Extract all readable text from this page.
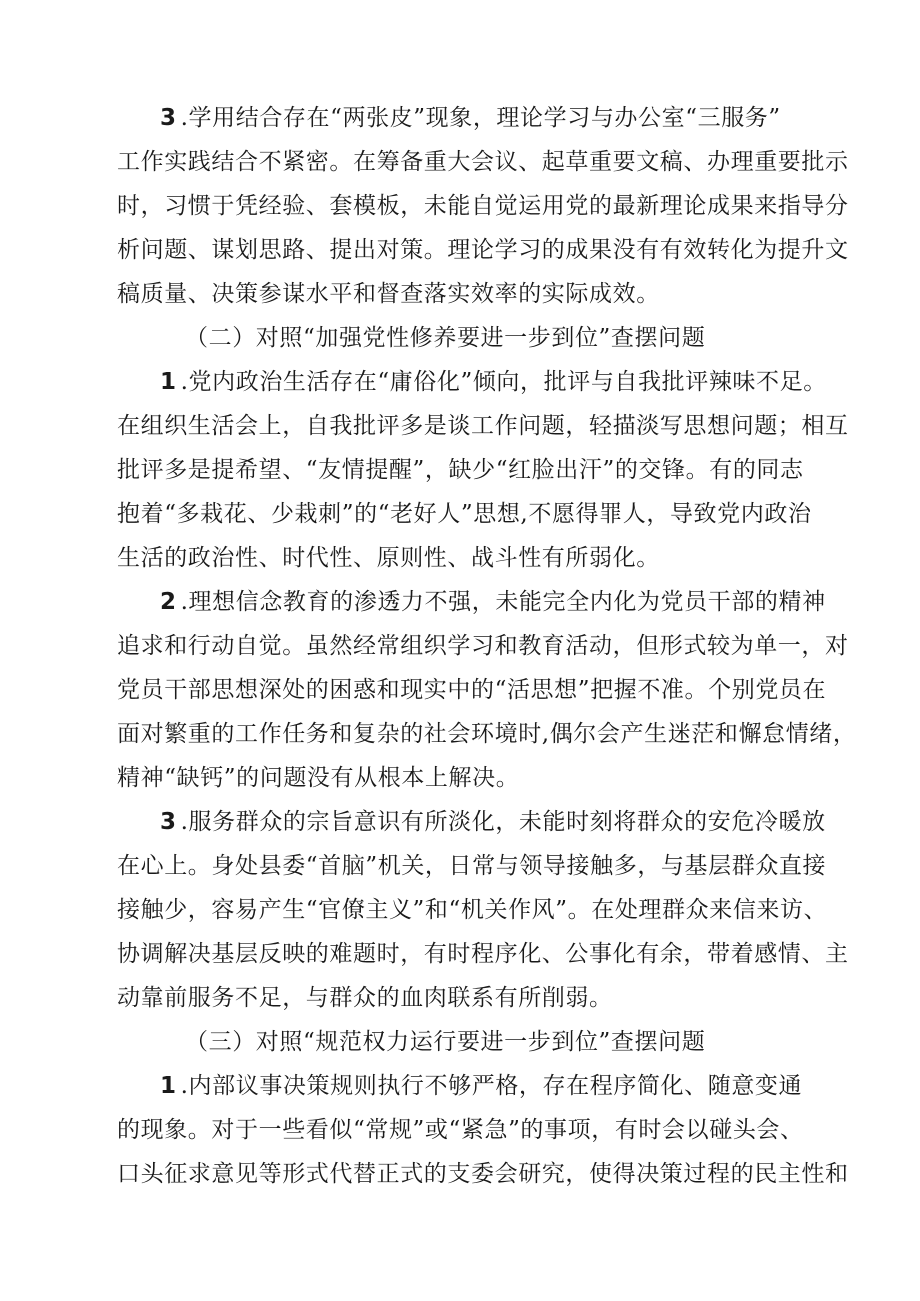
3 .学用结合存在“两张皮”现象，理论学习与办公室“三服务”
工作实践结合不紧密。在筹备重大会议、起草重要文稿、办理重要批示
时，习惯于凭经验、套模板，未能自觉运用党的最新理论成果来指导分
析问题、谋划思路、提出对策。理论学习的成果没有有效转化为提升文
稿质量、决策参谋水平和督查落实效率的实际成效。
（二）对照“加强党性修养要进一步到位”查摆问题
1 .党内政治生活存在“庸俗化”倾向，批评与自我批评辣味不足。
在组织生活会上，自我批评多是谈工作问题，轻描淡写思想问题；相互
批评多是提希望、“友情提醒”，缺少“红脸出汗”的交锋。有的同志
抱着“多栽花、少栽刺”的“老好人”思想,不愿得罪人，导致党内政治
生活的政治性、时代性、原则性、战斗性有所弱化。
2 .理想信念教育的渗透力不强，未能完全内化为党员干部的精神
追求和行动自觉。虽然经常组织学习和教育活动，但形式较为单一，对
党员干部思想深处的困惑和现实中的“活思想”把握不准。个别党员在
面对繁重的工作任务和复杂的社会环境时,偶尔会产生迷茫和懈怠情绪，
精神“缺钙”的问题没有从根本上解决。
3 .服务群众的宗旨意识有所淡化，未能时刻将群众的安危冷暖放
在心上。身处县委“首脑”机关，日常与领导接触多，与基层群众直接
接触少，容易产生“官僚主义”和“机关作风”。在处理群众来信来访、
协调解决基层反映的难题时，有时程序化、公事化有余，带着感情、主
动靠前服务不足，与群众的血肉联系有所削弱。
（三）对照“规范权力运行要进一步到位”查摆问题
1 .内部议事决策规则执行不够严格，存在程序简化、随意变通
的现象。对于一些看似“常规”或“紧急”的事项，有时会以碰头会、
口头征求意见等形式代替正式的支委会研究，使得决策过程的民主性和
